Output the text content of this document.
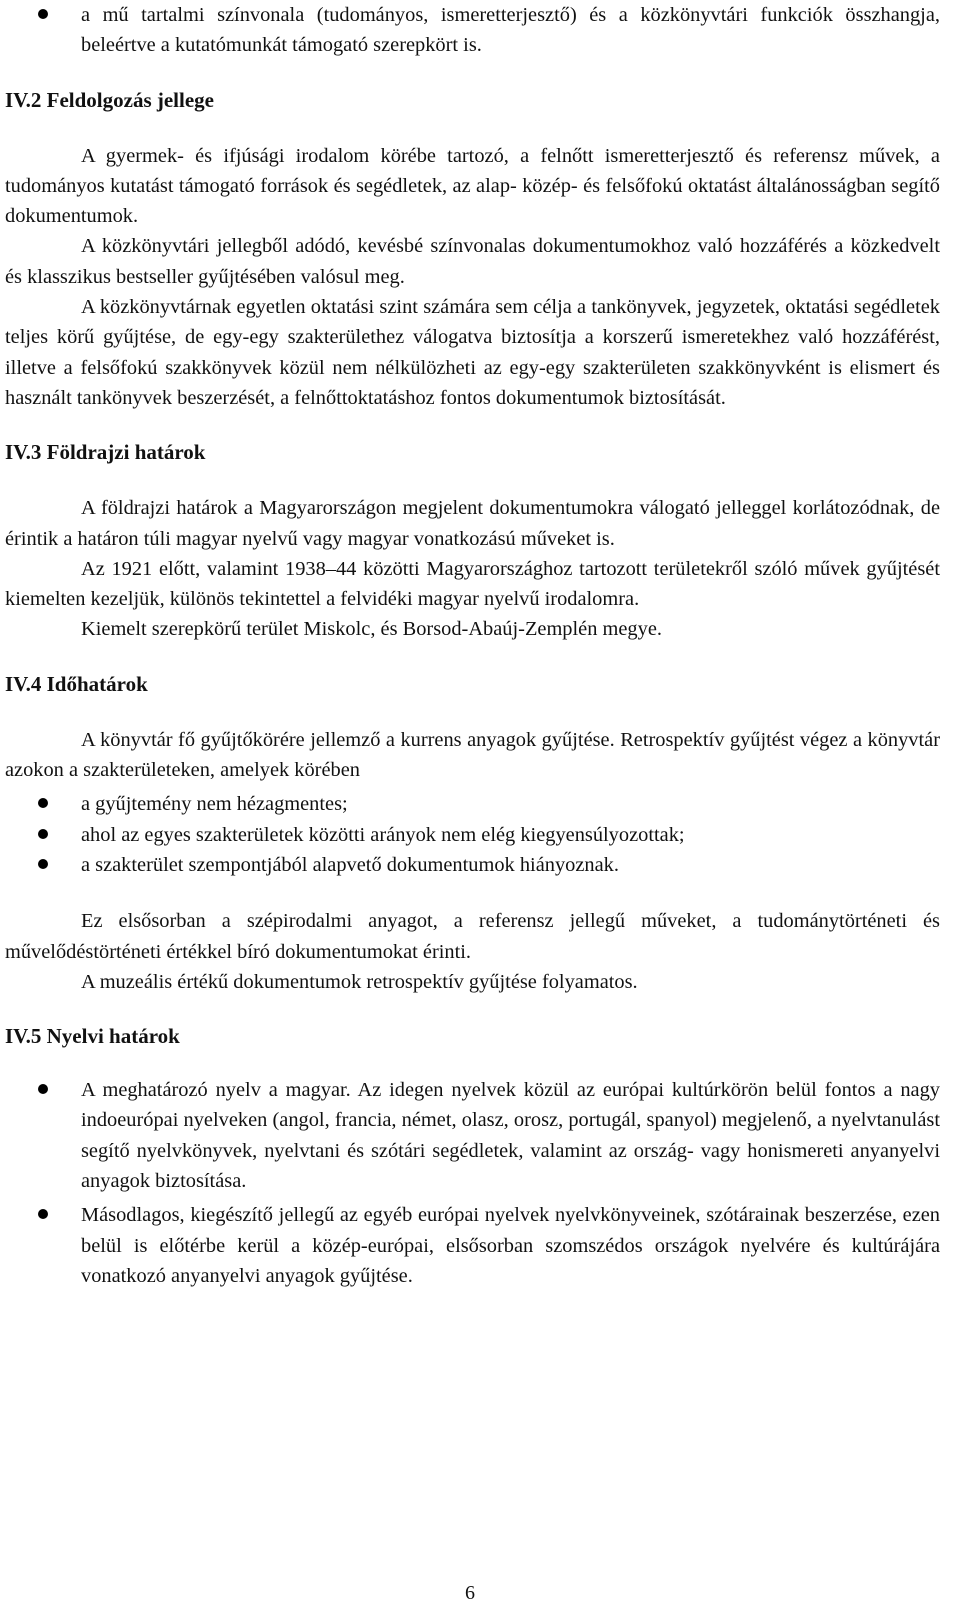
a mű tartalmi színvonala (tudományos, ismeretterjesztő) és a közkönyvtári funkciók összhangja, beleértve a kutatómunkát támogató szerepkört is.
IV.2 Feldolgozás jellege

A gyermek- és ifjúsági irodalom körébe tartozó, a felnőtt ismeretterjesztő és referensz művek, a tudományos kutatást támogató források és segédletek, az alap- közép- és felsőfokú oktatást általánosságban segítő dokumentumok.

A közkönyvtári jellegből adódó, kevésbé színvonalas dokumentumokhoz való hozzáférés a közkedvelt és klasszikus bestseller gyűjtésében valósul meg.

A közkönyvtárnak egyetlen oktatási szint számára sem célja a tankönyvek, jegyzetek, oktatási segédletek teljes körű gyűjtése, de egy-egy szakterülethez válogatva biztosítja a korszerű ismeretekhez való hozzáférést, illetve a felsőfokú szakkönyvek közül nem nélkülözheti az egy-egy szakterületen szakkönyvként is elismert és használt tankönyvek beszerzését, a felnőttoktatáshoz fontos dokumentumok biztosítását.

IV.3 Földrajzi határok

A földrajzi határok a Magyarországon megjelent dokumentumokra válogató jelleggel korlátozódnak, de érintik a határon túli magyar nyelvű vagy magyar vonatkozású műveket is.

Az 1921 előtt, valamint 1938–44 közötti Magyarországhoz tartozott területekről szóló művek gyűjtését kiemelten kezeljük, különös tekintettel a felvidéki magyar nyelvű irodalomra.

Kiemelt szerepkörű terület Miskolc, és Borsod-Abaúj-Zemplén megye.

IV.4 Időhatárok

A könyvtár fő gyűjtőkörére jellemző a kurrens anyagok gyűjtése. Retrospektív gyűjtést végez a könyvtár azokon a szakterületeken, amelyek körében

a gyűjtemény nem hézagmentes;
ahol az egyes szakterületek közötti arányok nem elég kiegyensúlyozottak;
a szakterület szempontjából alapvető dokumentumok hiányoznak.

Ez elsősorban a szépirodalmi anyagot, a referensz jellegű műveket, a tudománytörténeti és művelődéstörténeti értékkel bíró dokumentumokat érinti.

A muzeális értékű dokumentumok retrospektív gyűjtése folyamatos.

IV.5 Nyelvi határok
A meghatározó nyelv a magyar. Az idegen nyelvek közül az európai kultúrkörön belül fontos a nagy indoeurópai nyelveken (angol, francia, német, olasz, orosz, portugál, spanyol) megjelenő, a nyelvtanulást segítő nyelvkönyvek, nyelvtani és szótári segédletek, valamint az ország- vagy honismereti anyanyelvi anyagok biztosítása.
Másodlagos, kiegészítő jellegű az egyéb európai nyelvek nyelvkönyveinek, szótárainak beszerzése, ezen belül is előtérbe kerül a közép-európai, elsősorban szomszédos országok nyelvére és kultúrájára vonatkozó anyanyelvi anyagok gyűjtése.
6
